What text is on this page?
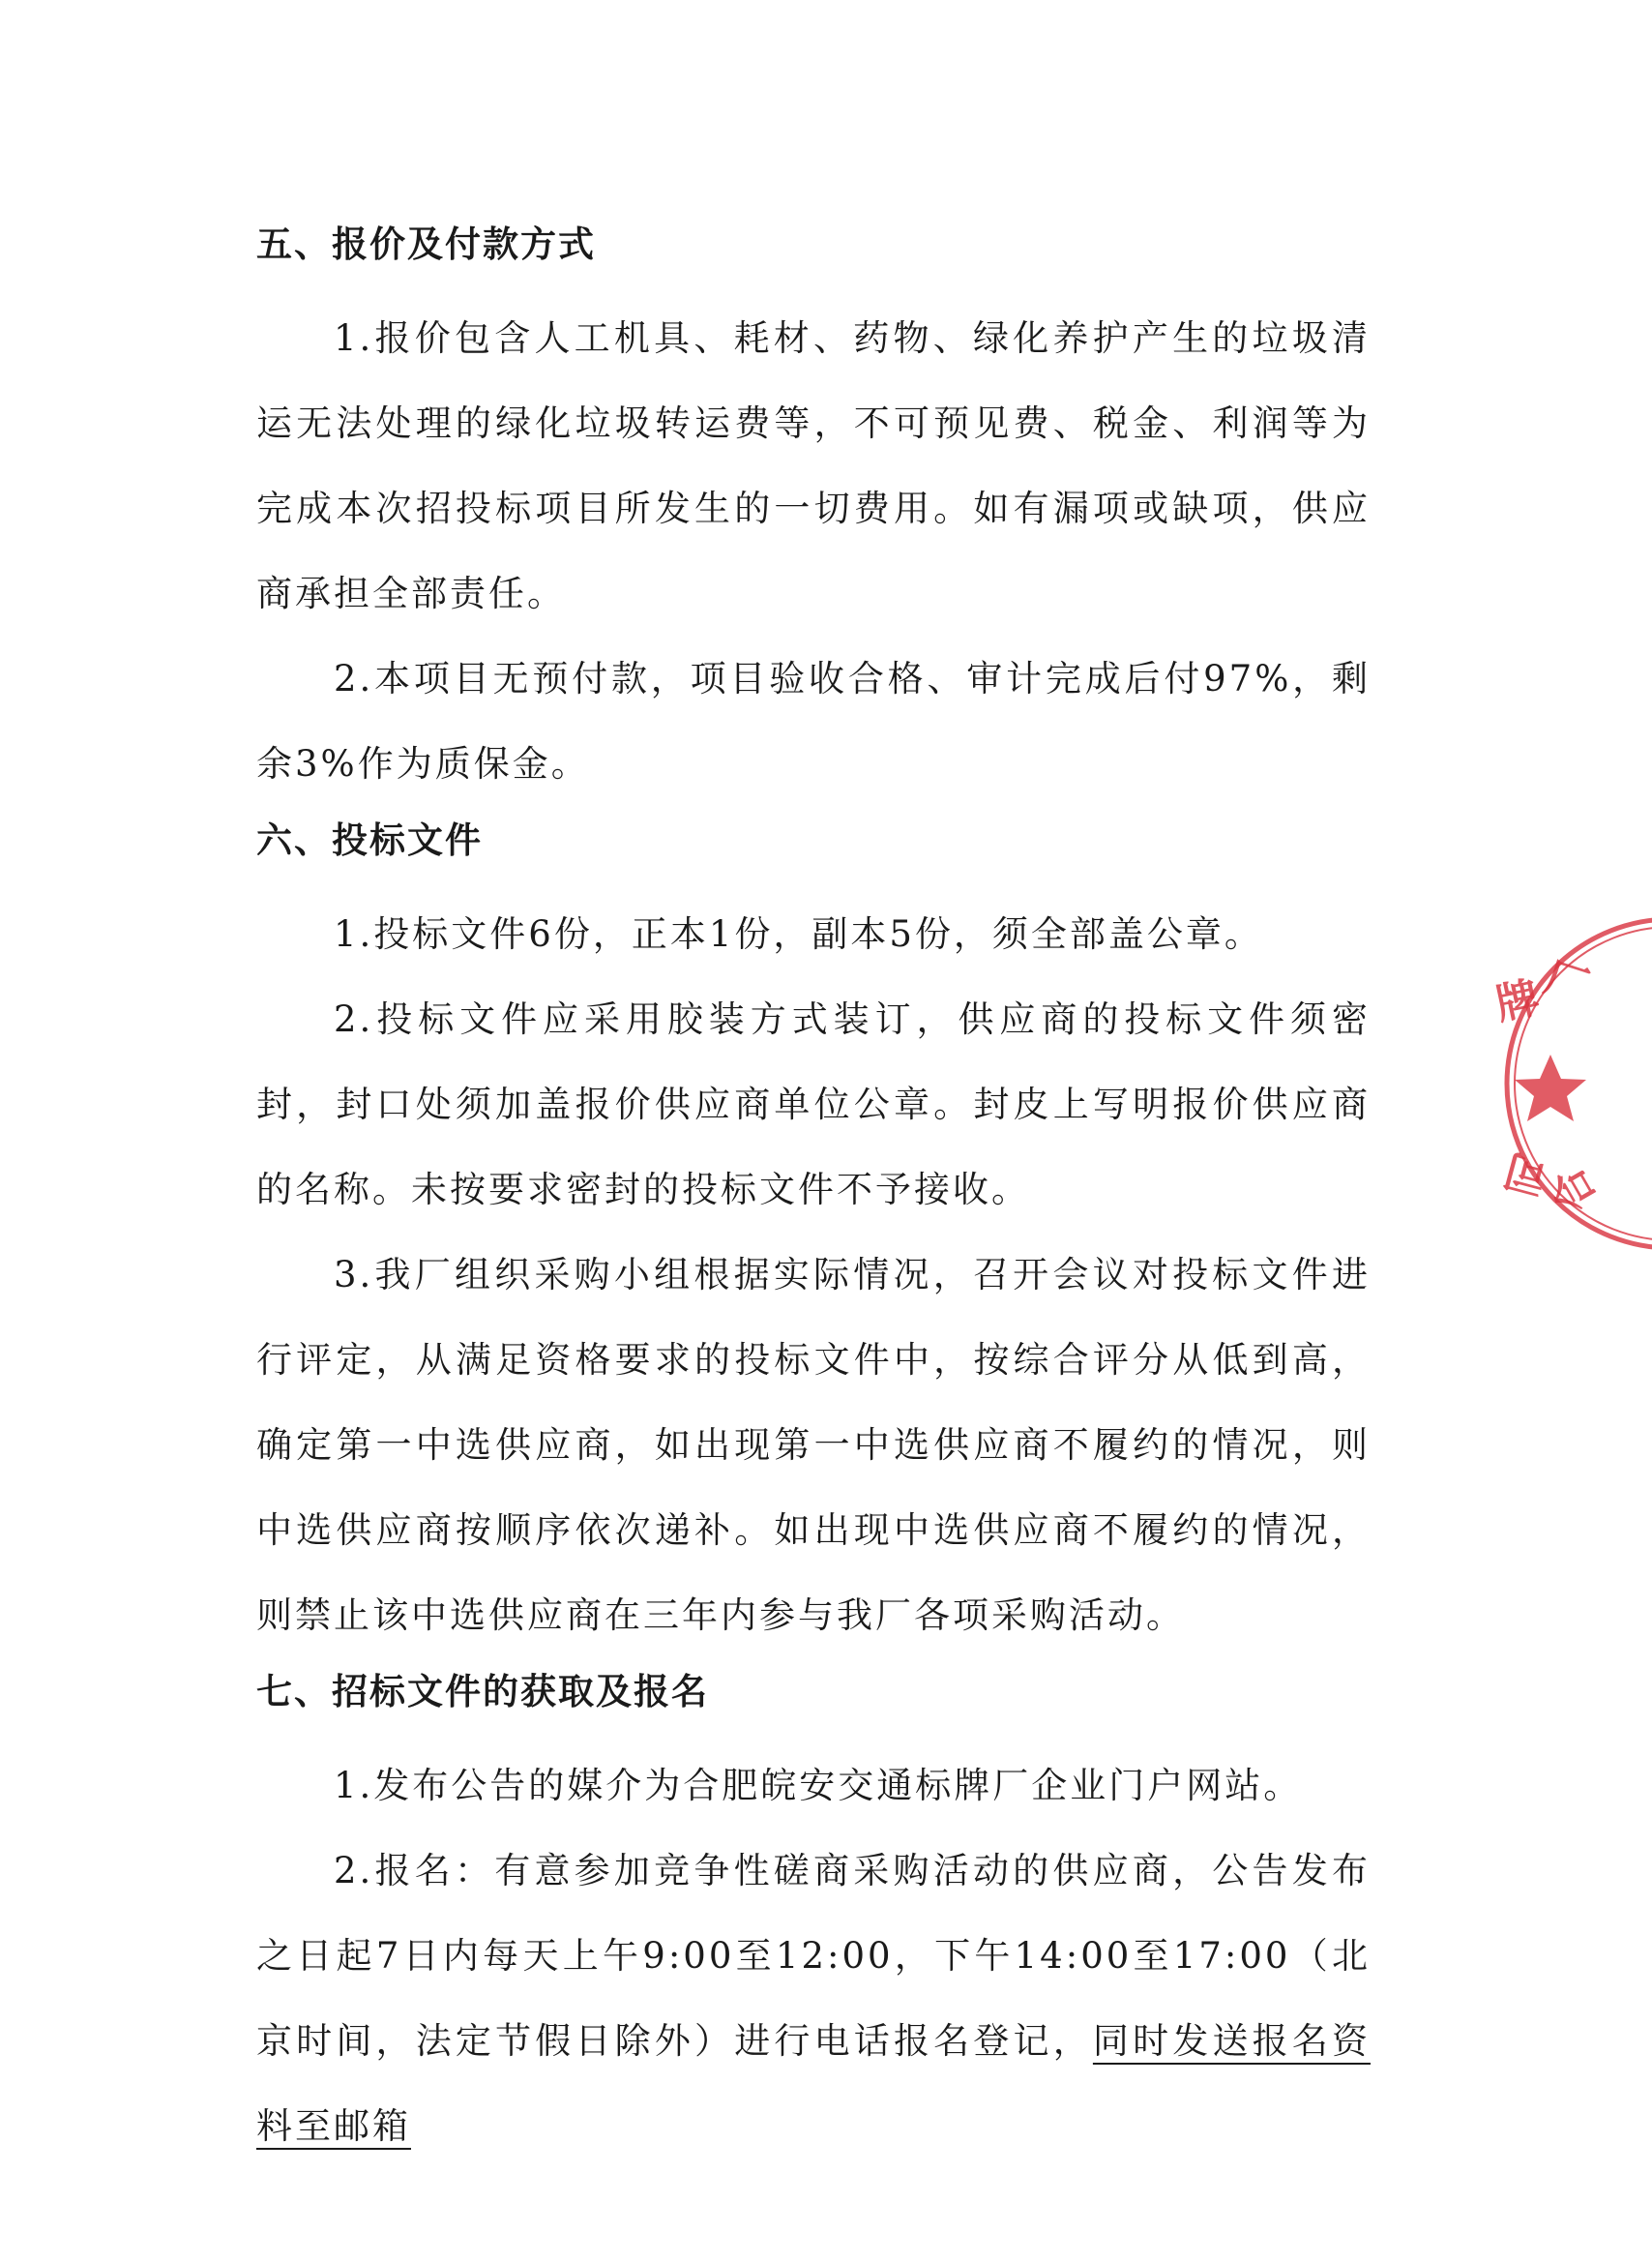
五、报价及付款方式
1.报价包含人工机具、耗材、药物、绿化养护产生的垃圾清运无法处理的绿化垃圾转运费等，不可预见费、税金、利润等为完成本次招投标项目所发生的一切费用。如有漏项或缺项，供应商承担全部责任。
2.本项目无预付款，项目验收合格、审计完成后付97%，剩余3%作为质保金。
六、投标文件
1.投标文件6份，正本1份，副本5份，须全部盖公章。
2.投标文件应采用胶装方式装订，供应商的投标文件须密封，封口处须加盖报价供应商单位公章。封皮上写明报价供应商的名称。未按要求密封的投标文件不予接收。
3.我厂组织采购小组根据实际情况，召开会议对投标文件进行评定，从满足资格要求的投标文件中，按综合评分从低到高，确定第一中选供应商，如出现第一中选供应商不履约的情况，则中选供应商按顺序依次递补。如出现中选供应商不履约的情况，则禁止该中选供应商在三年内参与我厂各项采购活动。
七、招标文件的获取及报名
1.发布公告的媒介为合肥皖安交通标牌厂企业门户网站。
2.报名：有意参加竞争性磋商采购活动的供应商，公告发布之日起7日内每天上午9:00至12:00，下午14:00至17:00（北京时间，法定节假日除外）进行电话报名登记，同时发送报名资料至邮箱
牌
厂
司
合
